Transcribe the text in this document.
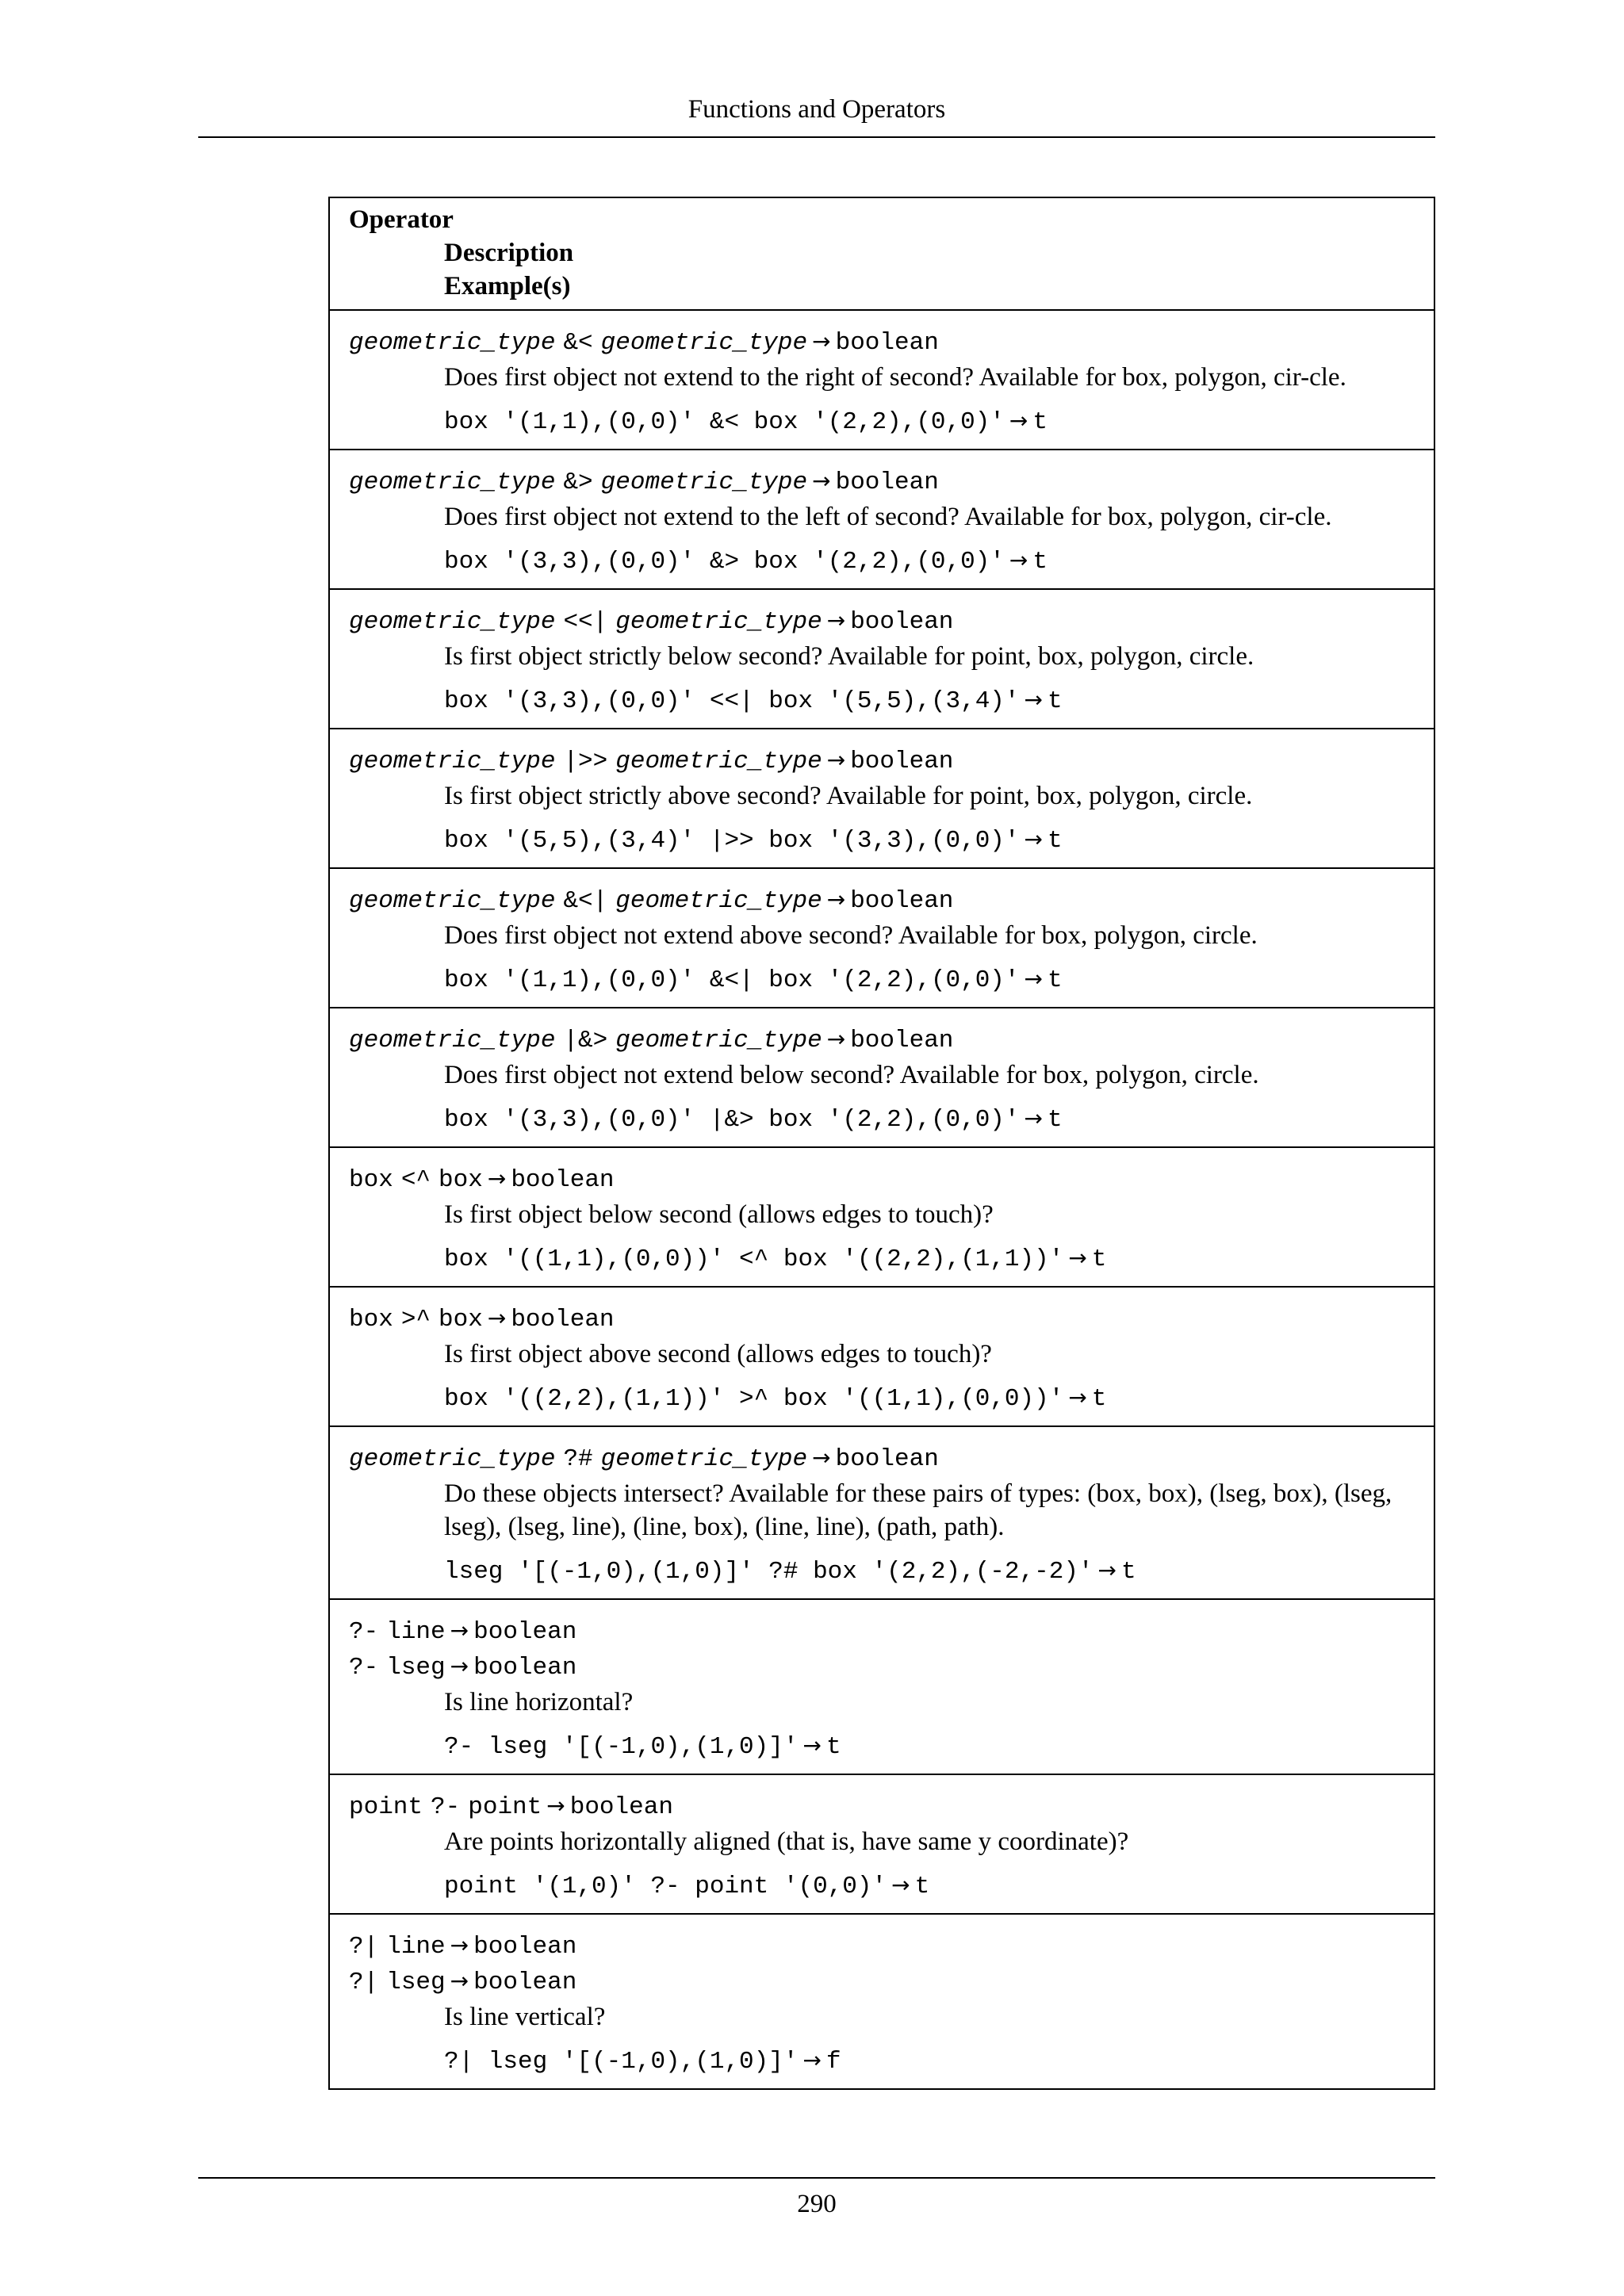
Functions and Operators
Operator
Description
Example(s)
geometric_type &< geometric_type → boolean
Does first object not extend to the right of second? Available for box, polygon, cir-cle.
box '(1,1),(0,0)' &< box '(2,2),(0,0)' → t
geometric_type &> geometric_type → boolean
Does first object not extend to the left of second? Available for box, polygon, cir-cle.
box '(3,3),(0,0)' &> box '(2,2),(0,0)' → t
geometric_type <<| geometric_type → boolean
Is first object strictly below second? Available for point, box, polygon, circle.
box '(3,3),(0,0)' <<| box '(5,5),(3,4)' → t
geometric_type |>> geometric_type → boolean
Is first object strictly above second? Available for point, box, polygon, circle.
box '(5,5),(3,4)' |>> box '(3,3),(0,0)' → t
geometric_type &<| geometric_type → boolean
Does first object not extend above second? Available for box, polygon, circle.
box '(1,1),(0,0)' &<| box '(2,2),(0,0)' → t
geometric_type |&> geometric_type → boolean
Does first object not extend below second? Available for box, polygon, circle.
box '(3,3),(0,0)' |&> box '(2,2),(0,0)' → t
box <^ box → boolean
Is first object below second (allows edges to touch)?
box '((1,1),(0,0))' <^ box '((2,2),(1,1))' → t
box >^ box → boolean
Is first object above second (allows edges to touch)?
box '((2,2),(1,1))' >^ box '((1,1),(0,0))' → t
geometric_type ?# geometric_type → boolean
Do these objects intersect? Available for these pairs of types: (box, box), (lseg, box), (lseg, lseg), (lseg, line), (line, box), (line, line), (path, path).
lseg '[(-1,0),(1,0)]' ?# box '(2,2),(-2,-2)' → t
?- line → boolean
?- lseg → boolean
Is line horizontal?
?- lseg '[(-1,0),(1,0)]' → t
point ?- point → boolean
Are points horizontally aligned (that is, have same y coordinate)?
point '(1,0)' ?- point '(0,0)' → t
?| line → boolean
?| lseg → boolean
Is line vertical?
?| lseg '[(-1,0),(1,0)]' → f
290
